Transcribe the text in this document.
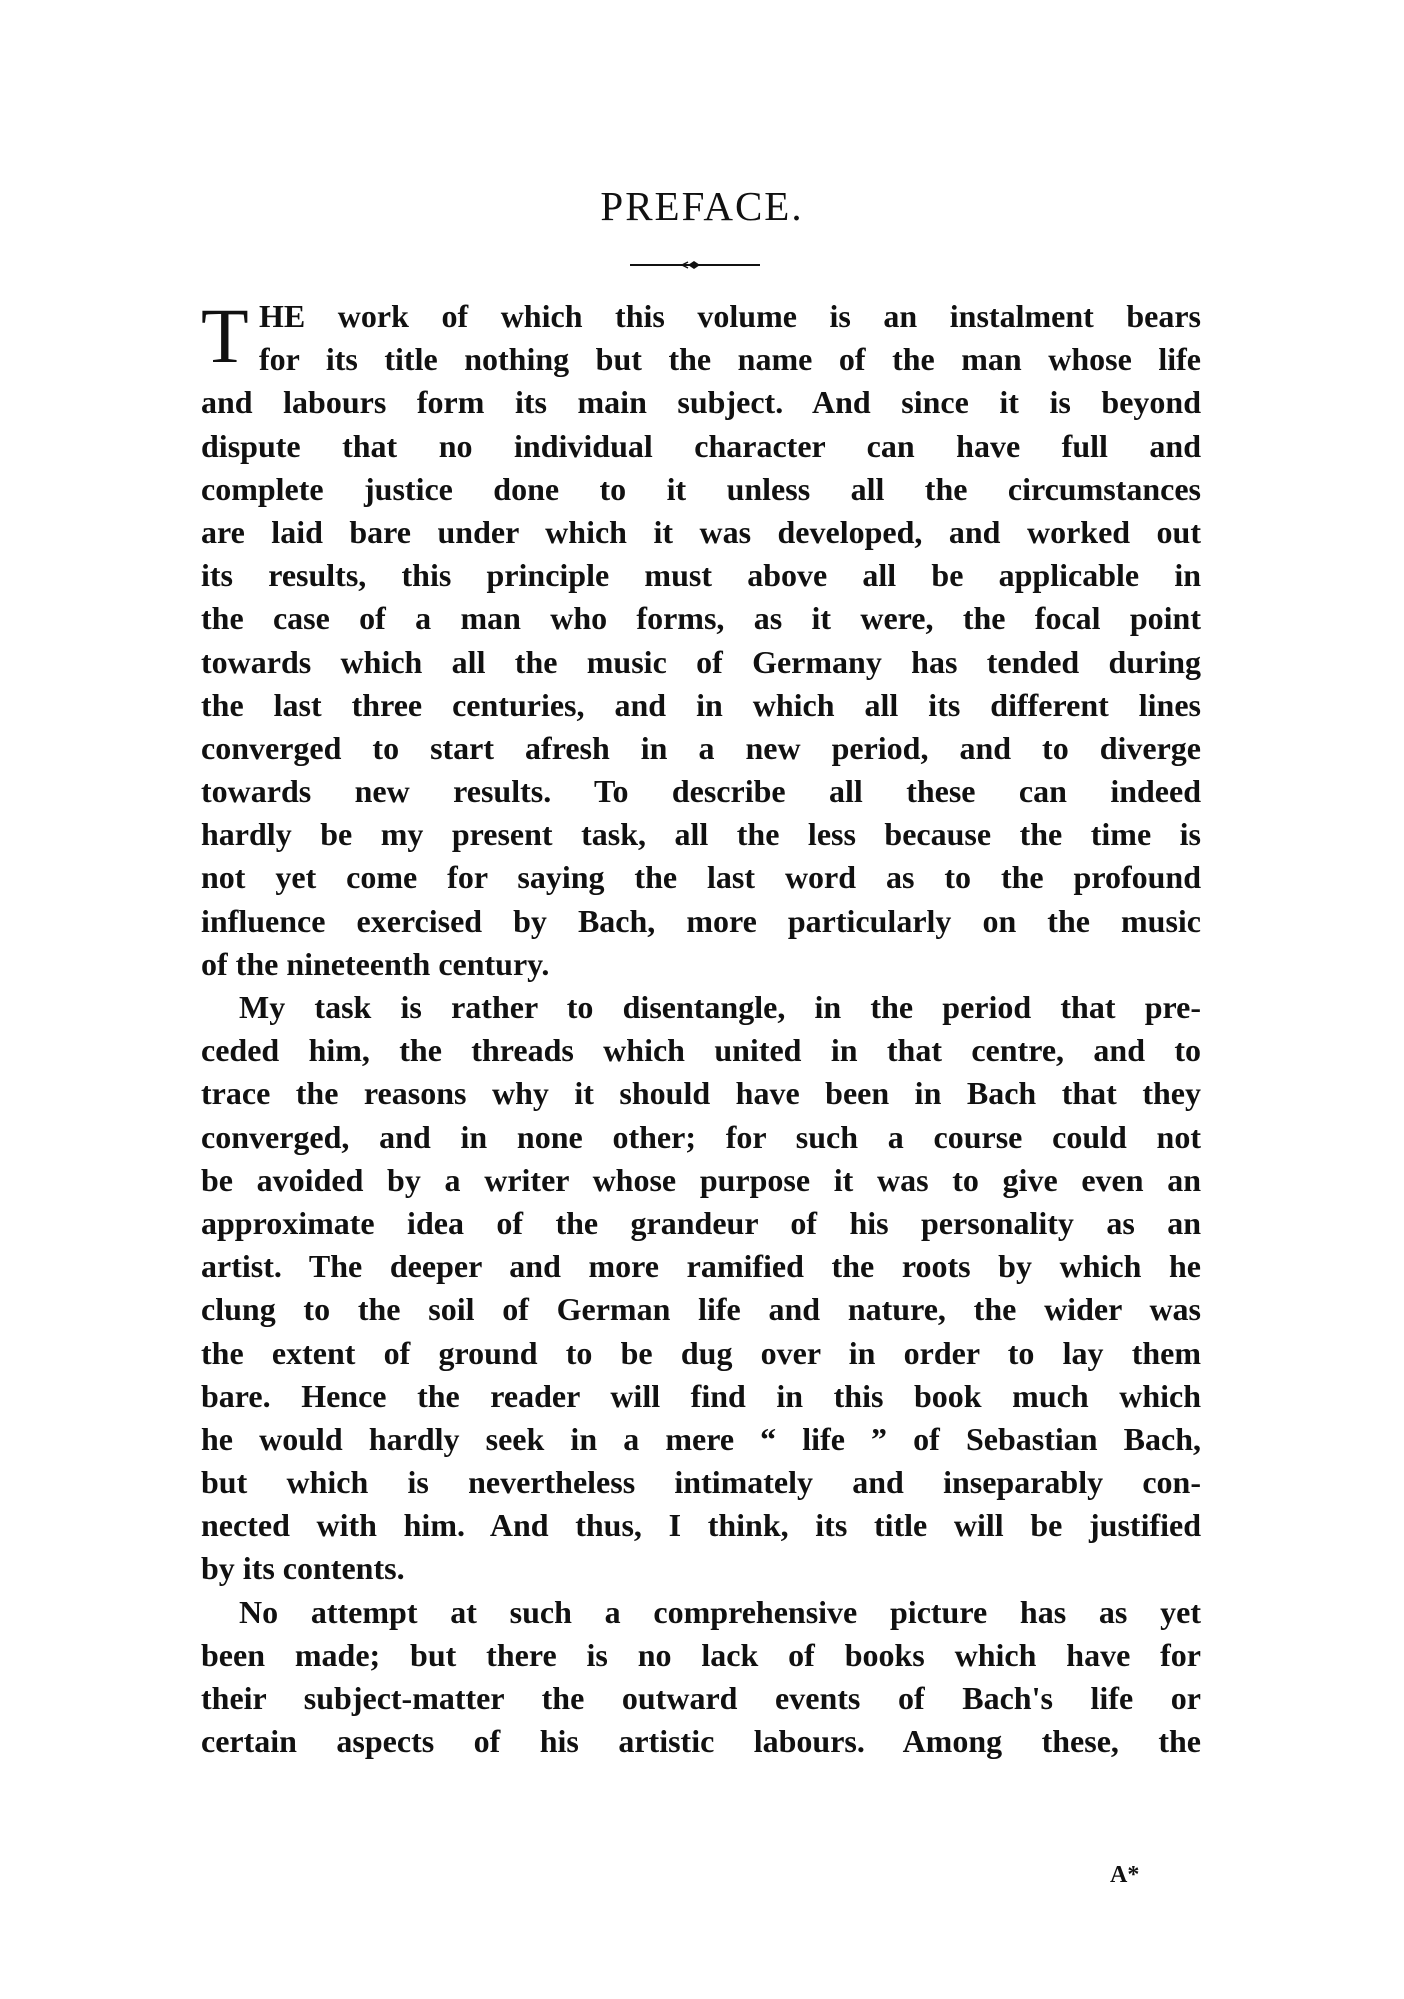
PREFACE.
T HE work of which this volume is an instalment bears
for its title nothing but the name of the man whose life
and labours form its main subject. And since it is beyond
dispute that no individual character can have full and
complete justice done to it unless all the circumstances
are laid bare under which it was developed, and worked out
its results, this principle must above all be applicable in
the case of a man who forms, as it were, the focal point
towards which all the music of Germany has tended during
the last three centuries, and in which all its different lines
converged to start afresh in a new period, and to diverge
towards new results. To describe all these can indeed
hardly be my present task, all the less because the time is
not yet come for saying the last word as to the profound
influence exercised by Bach, more particularly on the music
of the nineteenth century.
My task is rather to disentangle, in the period that pre-
ceded him, the threads which united in that centre, and to
trace the reasons why it should have been in Bach that they
converged, and in none other; for such a course could not
be avoided by a writer whose purpose it was to give even an
approximate idea of the grandeur of his personality as an
artist. The deeper and more ramified the roots by which he
clung to the soil of German life and nature, the wider was
the extent of ground to be dug over in order to lay them
bare. Hence the reader will find in this book much which
he would hardly seek in a mere “ life ” of Sebastian Bach,
but which is nevertheless intimately and inseparably con-
nected with him. And thus, I think, its title will be justified
by its contents.
No attempt at such a comprehensive picture has as yet
been made; but there is no lack of books which have for
their subject-matter the outward events of Bach's life or
certain aspects of his artistic labours. Among these, the
A*
